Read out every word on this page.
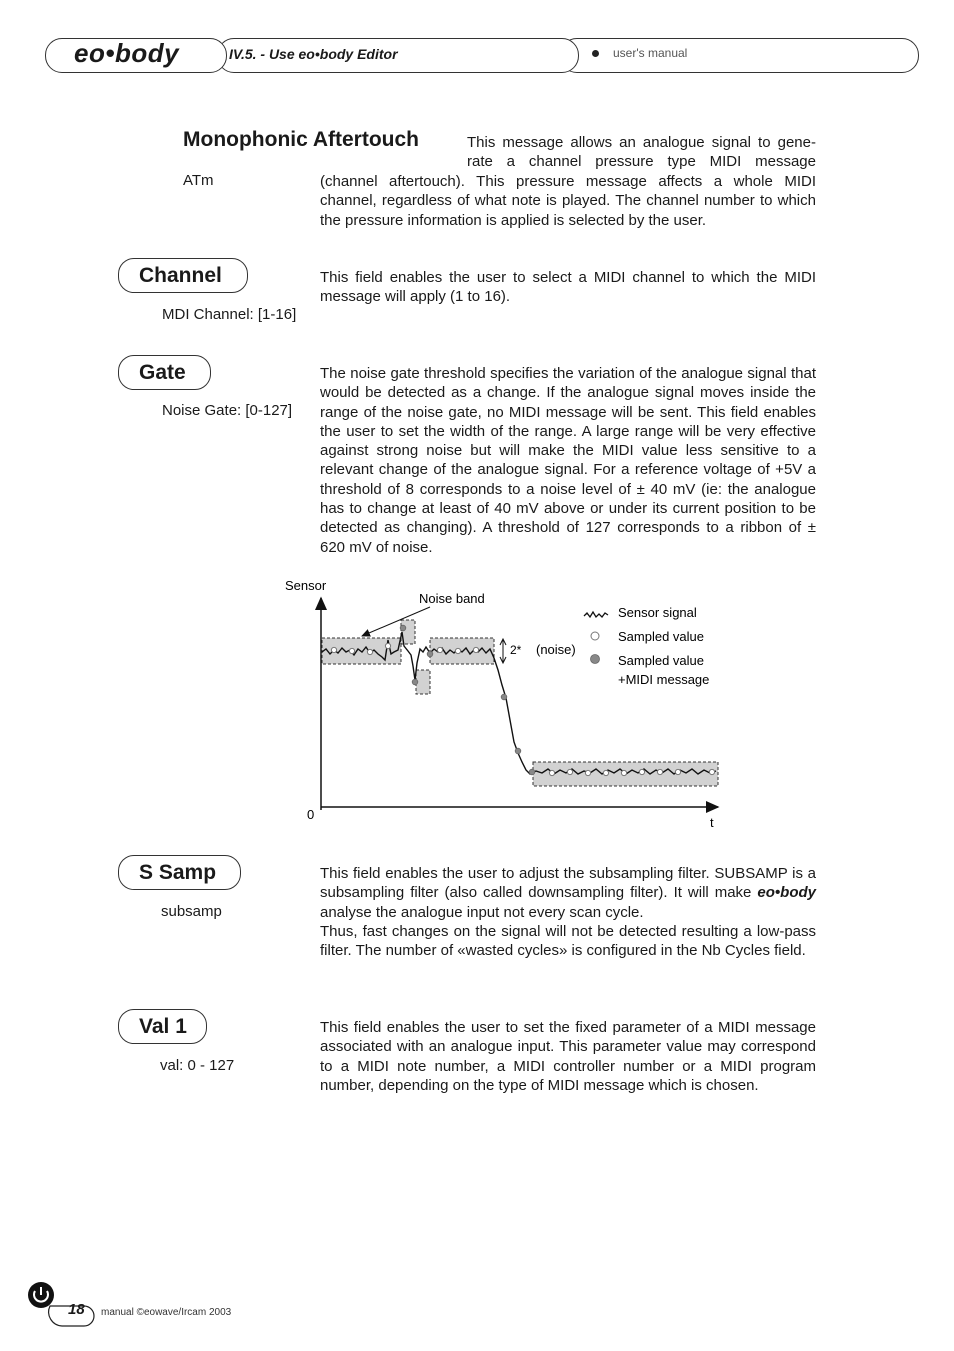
user's manual
IV.5. - Use eo•body Editor
eo•body
Monophonic Aftertouch
ATm
This message allows an analogue signal to gene-
rate a channel pressure type MIDI message
(channel aftertouch). This pressure message affects a whole MIDI channel, regardless of what note is played. The channel number to which the pressure information is applied is selected by the user.
Channel
MDI Channel: [1-16]
This field enables the user to select a MIDI channel to which the MIDI message will apply (1 to 16).
Gate
Noise Gate: [0-127]
The noise gate threshold specifies the variation of the analogue signal that would be detected as a change. If the analogue signal moves inside the range of the noise gate, no MIDI message will be sent. This field enables the user to set the width of the range. A large range will be very effective against strong noise but will make the MIDI value less sensitive to a relevant change of the analogue signal. For a reference voltage of +5V a threshold of 8 corresponds to a noise level of ± 40 mV (ie: the analogue has to change at least of 40 mV above or under its current position to be detected as changing). A threshold of 127 corresponds to a ribbon of ± 620 mV of noise.
Sensor
0
t
Noise band
2* (noise)
Sensor signal
Sampled value
Sampled value
+MIDI message
S Samp
subsamp
This field enables the user to adjust the subsampling filter. SUBSAMP is a subsampling filter (also called downsampling filter). It will make eo•body analyse the analogue input not every scan cycle.
Thus, fast changes on the signal will not be detected resulting a low-pass filter. The number of «wasted cycles» is configured in the Nb Cycles field.
Val 1
val: 0 - 127
This field enables the user to set the fixed parameter of a MIDI message associated with an analogue input. This parameter value may correspond to a MIDI note number, a MIDI controller number or a MIDI program number, depending on the type of MIDI message which is chosen.
18 manual ©eowave/Ircam 2003
